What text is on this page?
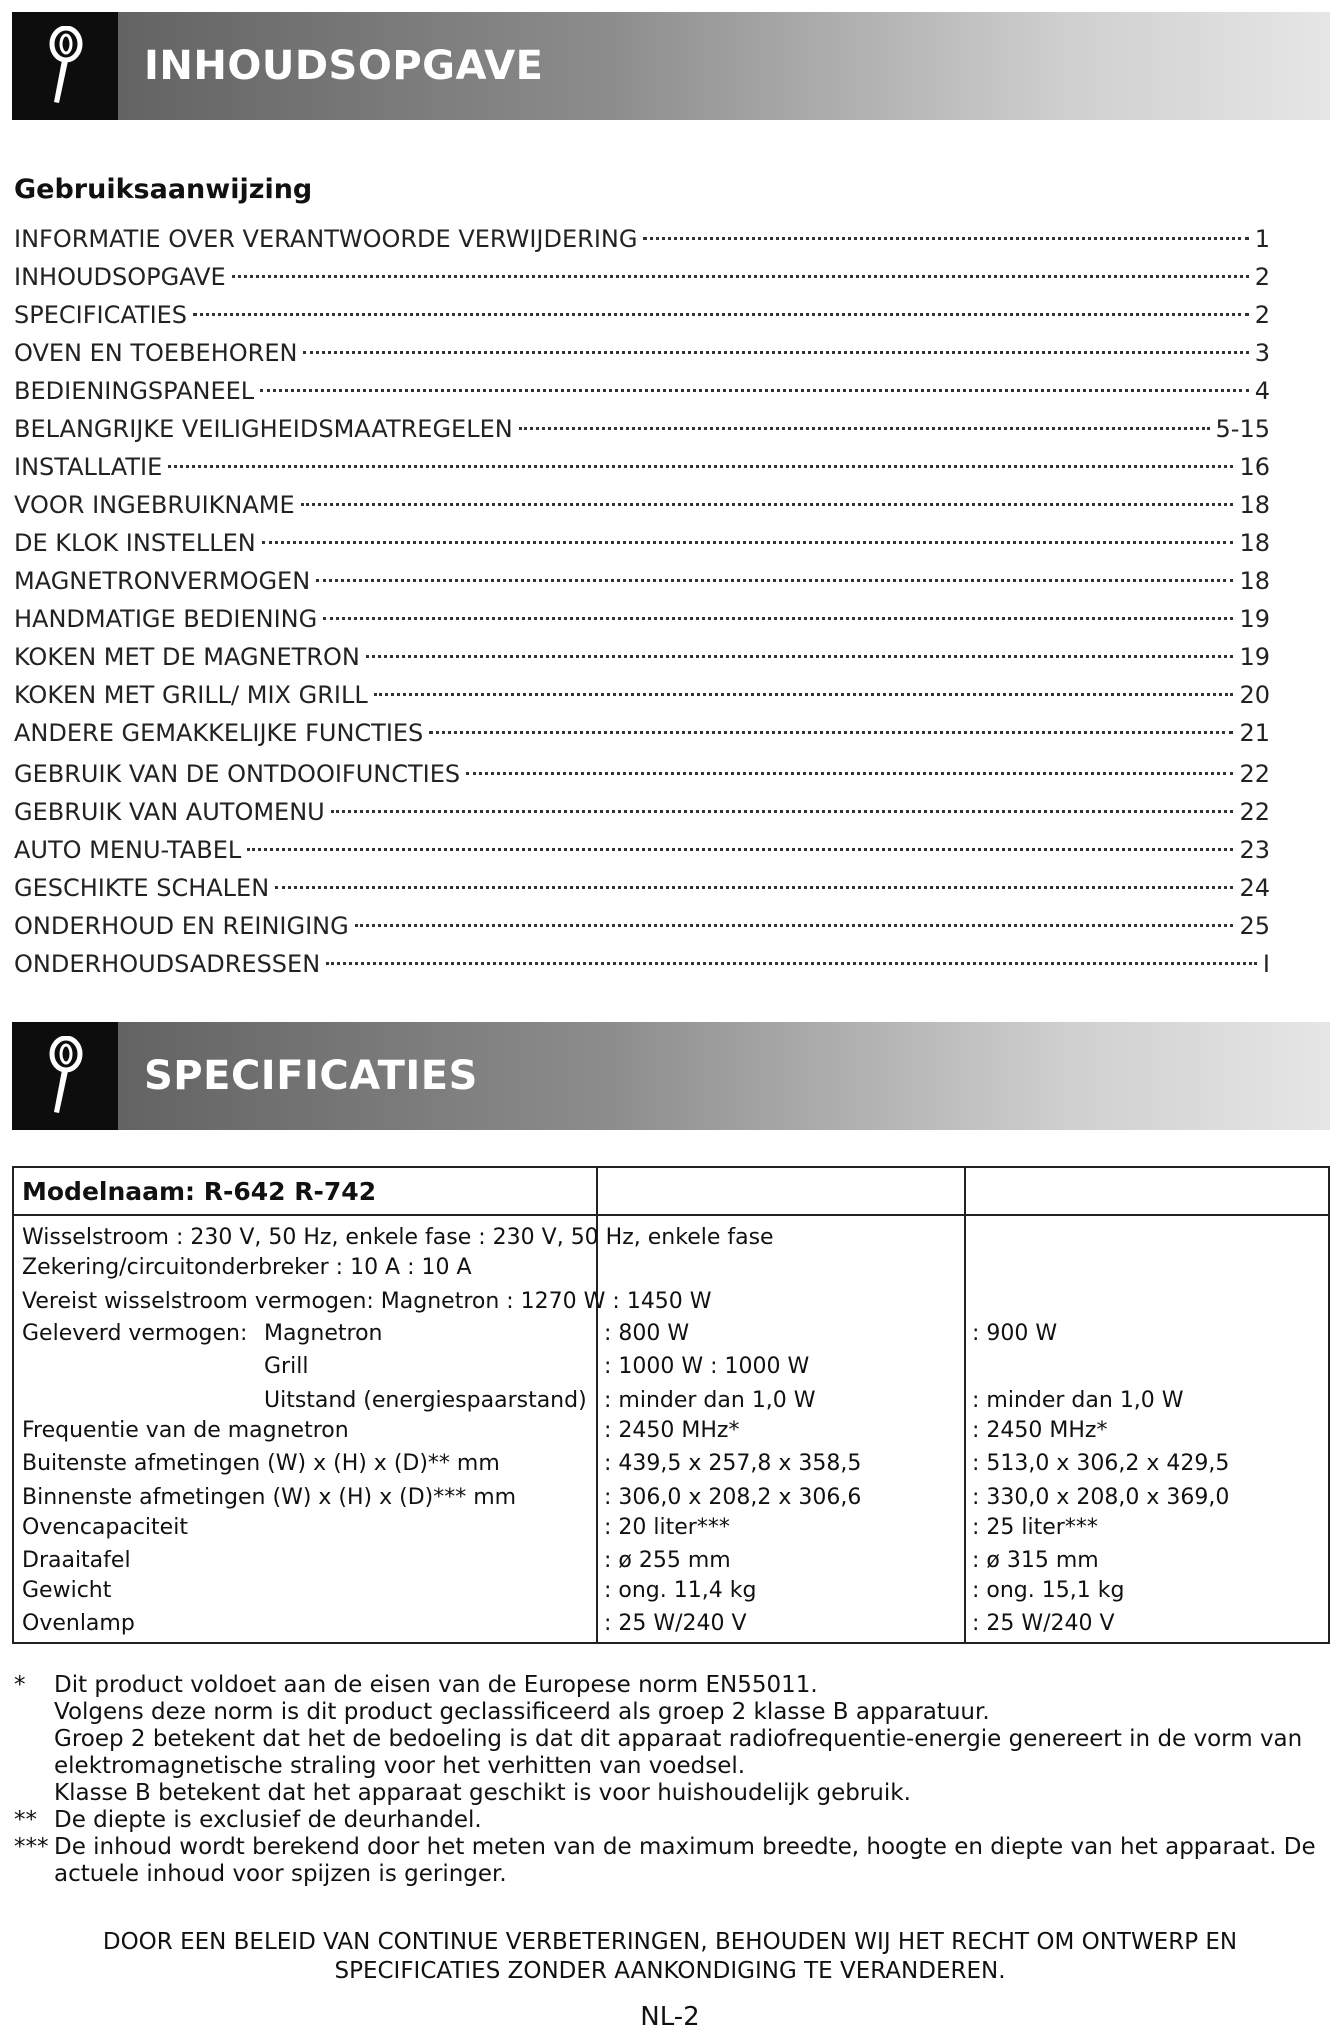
INHOUDSOPGAVE
Gebruiksaanwijzing
INFORMATIE OVER VERANTWOORDE VERWIJDERING	1
INHOUDSOPGAVE	2
SPECIFICATIES	2
OVEN EN TOEBEHOREN	3
BEDIENINGSPANEEL	4
BELANGRIJKE VEILIGHEIDSMAATREGELEN	5-15
INSTALLATIE	16
VOOR INGEBRUIKNAME	18
DE KLOK INSTELLEN	18
MAGNETRONVERMOGEN	18
HANDMATIGE BEDIENING	19
KOKEN MET DE MAGNETRON	19
KOKEN MET GRILL/ MIX GRILL	20
ANDERE GEMAKKELIJKE FUNCTIES	21
GEBRUIK VAN DE ONTDOOIFUNCTIES	22
GEBRUIK VAN AUTOMENU	22
AUTO MENU-TABEL	23
GESCHIKTE SCHALEN	24
ONDERHOUD EN REINIGING	25
ONDERHOUDSADRESSEN	I
SPECIFICATIES
Modelnaam: R-642 R-742
Wisselstroom : 230 V, 50 Hz, enkele fase : 230 V, 50 Hz, enkele fase
Zekering/circuitonderbreker : 10 A : 10 A
Vereist wisselstroom vermogen: Magnetron : 1270 W : 1450 W
Geleverd vermogen: Magnetron	: 800 W	: 900 W
Grill	: 1000 W : 1000 W
Uitstand (energiespaarstand) : minder dan 1,0 W	: minder dan 1,0 W
Frequentie van de magnetron	: 2450 MHz*	: 2450 MHz*
Buitenste afmetingen (W) x (H) x (D)** mm	: 439,5 x 257,8 x 358,5	: 513,0 x 306,2 x 429,5
Binnenste afmetingen (W) x (H) x (D)*** mm	: 306,0 x 208,2 x 306,6	: 330,0 x 208,0 x 369,0
Ovencapaciteit	: 20 liter***	: 25 liter***
Draaitafel	: ø 255 mm	: ø 315 mm
Gewicht	: ong. 11,4 kg	: ong. 15,1 kg
Ovenlamp	: 25 W/240 V	: 25 W/240 V
* Dit product voldoet aan de eisen van de Europese norm EN55011.
Volgens deze norm is dit product geclassificeerd als groep 2 klasse B apparatuur.
Groep 2 betekent dat het de bedoeling is dat dit apparaat radiofrequentie-energie genereert in de vorm van elektromagnetische straling voor het verhitten van voedsel.
Klasse B betekent dat het apparaat geschikt is voor huishoudelijk gebruik.
** De diepte is exclusief de deurhandel.
*** De inhoud wordt berekend door het meten van de maximum breedte, hoogte en diepte van het apparaat. De actuele inhoud voor spijzen is geringer.
DOOR EEN BELEID VAN CONTINUE VERBETERINGEN, BEHOUDEN WIJ HET RECHT OM ONTWERP EN SPECIFICATIES ZONDER AANKONDIGING TE VERANDEREN.
NL-2
